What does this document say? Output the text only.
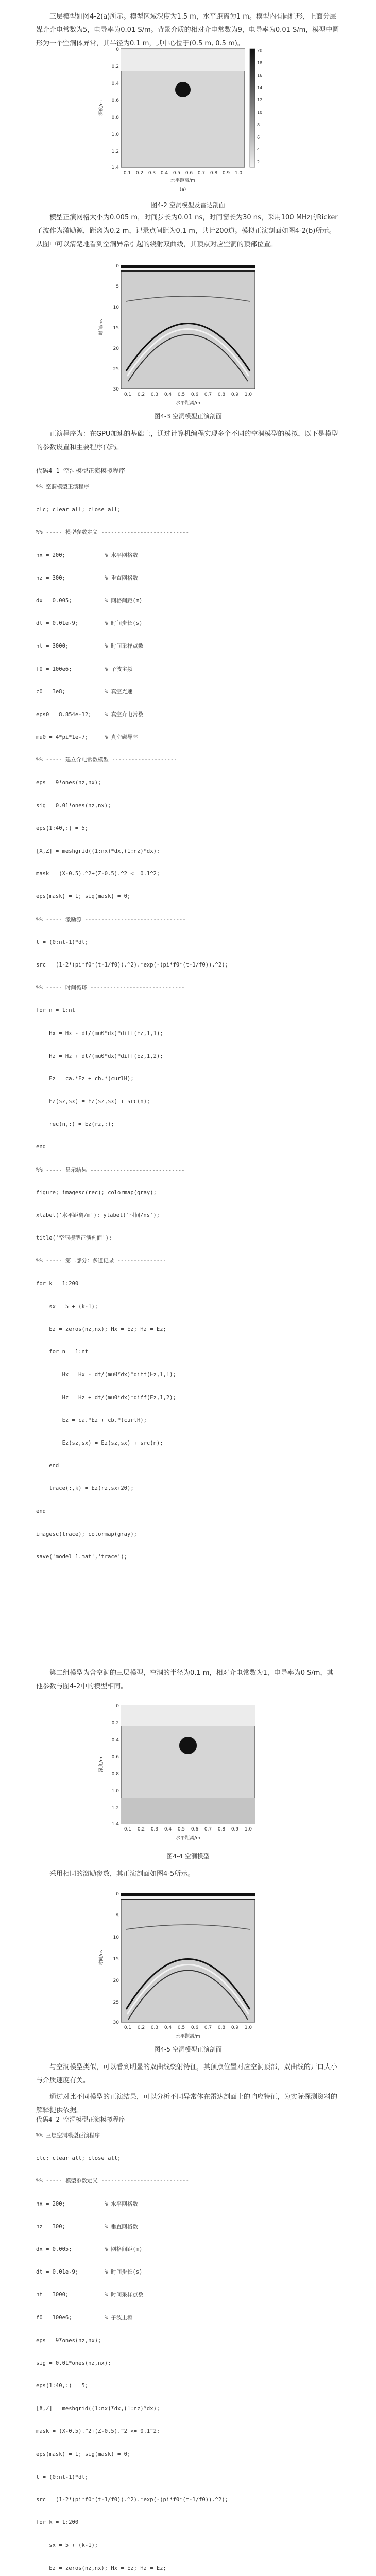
三层模型如图4-2(a)所示。模型区域深度为1.5 m，水平距离为1 m。模型内有圆柱形，上面分层媒介介电常数为5，电导率为0.01 S/m。背景介质的相对介电常数为9，电导率为0.01 S/m，模型中圆形为一个空洞体异常，其半径为0.1 m，其中心位于(0.5 m, 0.5 m)。

0
0.2
0.4
0.6
0.8
1.0
1.2
1.4
深度/m
0.1 0.2 0.3 0.4 0.5 0.6 0.7 0.8 0.9 1.0
水平距离/m
(a)
20
18
16
14
12
10
8
6
4
2
图4-2 空洞模型及雷达剖面

模型正演网格大小为0.005 m，时间步长为0.01 ns，时间窗长为30 ns，采用100 MHz的Ricker子波作为激励源，距离为0.2 m，记录点间距为0.1 m，共计200道。模拟正演剖面如图4-2(b)所示。从图中可以清楚地看到空洞异常引起的绕射双曲线，其顶点对应空洞的顶部位置。

0
5
10
15
20
25
30
时间/ns
0.1 0.2 0.3 0.4 0.5 0.6 0.7 0.8 0.9 1.0
水平距离/m
图4-3 空洞模型正演剖面

正演程序为：在GPU加速的基础上，通过计算机编程实现多个不同的空洞模型的模拟，以下是模型的参数设置和主要程序代码。

代码4-1 空洞模型正演模拟程序
%% 空洞模型正演程序
clc; clear all; close all;
%% ----- 模型参数定义 ---------------------------
nx = 200;            % 水平网格数
nz = 300;            % 垂直网格数
dx = 0.005;          % 网格间距(m)
dt = 0.01e-9;        % 时间步长(s)
nt = 3000;           % 时间采样点数
f0 = 100e6;          % 子波主频
c0 = 3e8;            % 真空光速
eps0 = 8.854e-12;    % 真空介电常数
mu0 = 4*pi*1e-7;     % 真空磁导率
%% ----- 建立介电常数模型 --------------------
eps = 9*ones(nz,nx);
sig = 0.01*ones(nz,nx);
eps(1:40,:) = 5;
[X,Z] = meshgrid((1:nx)*dx,(1:nz)*dx);
mask = (X-0.5).^2+(Z-0.5).^2 <= 0.1^2;
eps(mask) = 1; sig(mask) = 0;
%% ----- 激励源 -------------------------------
t = (0:nt-1)*dt;
src = (1-2*(pi*f0*(t-1/f0)).^2).*exp(-(pi*f0*(t-1/f0)).^2);
%% ----- 时间循环 -----------------------------
for n = 1:nt
Hx = Hx - dt/(mu0*dx)*diff(Ez,1,1);
Hz = Hz + dt/(mu0*dx)*diff(Ez,1,2);
Ez = ca.*Ez + cb.*(curlH);
Ez(sz,sx) = Ez(sz,sx) + src(n);
rec(n,:) = Ez(rz,:);
end
%% ----- 显示结果 -----------------------------
figure; imagesc(rec); colormap(gray);
xlabel('水平距离/m'); ylabel('时间/ns');
title('空洞模型正演剖面');
%% ----- 第二部分：多道记录 ---------------
for k = 1:200
sx = 5 + (k-1);
Ez = zeros(nz,nx); Hx = Ez; Hz = Ez;
for n = 1:nt
Hx = Hx - dt/(mu0*dx)*diff(Ez,1,1);
Hz = Hz + dt/(mu0*dx)*diff(Ez,1,2);
Ez = ca.*Ez + cb.*(curlH);
Ez(sz,sx) = Ez(sz,sx) + src(n);
end
trace(:,k) = Ez(rz,sx+20);
end
imagesc(trace); colormap(gray);
save('model_1.mat','trace');

第二组模型为含空洞的三层模型，空洞的半径为0.1 m，相对介电常数为1，电导率为0 S/m，其他参数与图4-2中的模型相同。

0
0.2
0.4
0.6
0.8
1.0
1.2
1.4
深度/m
0.1 0.2 0.3 0.4 0.5 0.6 0.7 0.8 0.9 1.0
水平距离/m
图4-4 空洞模型

采用相同的激励参数，其正演剖面如图4-5所示。

0
5
10
15
20
25
30
时间/ns
0.1 0.2 0.3 0.4 0.5 0.6 0.7 0.8 0.9 1.0
水平距离/m
图4-5 空洞模型正演剖面

与空洞模型类似，可以看到明显的双曲线绕射特征，其顶点位置对应空洞顶部，双曲线的开口大小与介质速度有关。

通过对比不同模型的正演结果，可以分析不同异常体在雷达剖面上的响应特征，为实际探测资料的解释提供依据。

代码4-2 空洞模型正演模拟程序
%% 三层空洞模型正演程序
clc; clear all; close all;
%% ----- 模型参数定义 ---------------------------
nx = 200;            % 水平网格数
nz = 300;            % 垂直网格数
dx = 0.005;          % 网格间距(m)
dt = 0.01e-9;        % 时间步长(s)
nt = 3000;           % 时间采样点数
f0 = 100e6;          % 子波主频
eps = 9*ones(nz,nx);
sig = 0.01*ones(nz,nx);
eps(1:40,:) = 5;
[X,Z] = meshgrid((1:nx)*dx,(1:nz)*dx);
mask = (X-0.5).^2+(Z-0.5).^2 <= 0.1^2;
eps(mask) = 1; sig(mask) = 0;
t = (0:nt-1)*dt;
src = (1-2*(pi*f0*(t-1/f0)).^2).*exp(-(pi*f0*(t-1/f0)).^2);
for k = 1:200
sx = 5 + (k-1);
Ez = zeros(nz,nx); Hx = Ez; Hz = Ez;
